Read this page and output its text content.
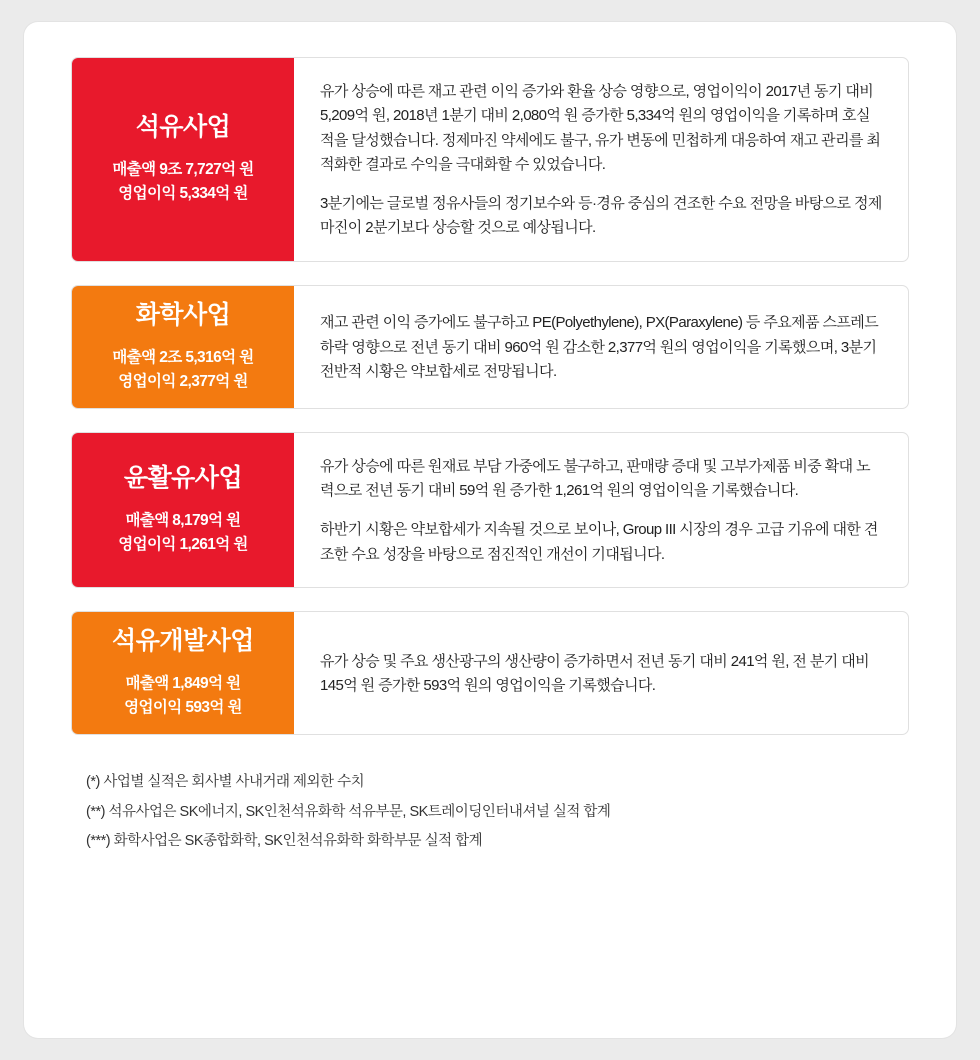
석유사업
매출액 9조 7,727억 원
영업이익 5,334억 원

유가 상승에 따른 재고 관련 이익 증가와 환율 상승 영향으로, 영업이익이 2017년 동기 대비 5,209억 원, 2018년 1분기 대비 2,080억 원 증가한 5,334억 원의 영업이익을 기록하며 호실적을 달성했습니다. 정제마진 약세에도 불구, 유가 변동에 민첩하게 대응하여 재고 관리를 최적화한 결과로 수익을 극대화할 수 있었습니다.

3분기에는 글로벌 정유사들의 정기보수와 등·경유 중심의 견조한 수요 전망을 바탕으로 정제마진이 2분기보다 상승할 것으로 예상됩니다.

화학사업
매출액 2조 5,316억 원
영업이익 2,377억 원

재고 관련 이익 증가에도 불구하고 PE(Polyethylene), PX(Paraxylene) 등 주요제품 스프레드 하락 영향으로 전년 동기 대비 960억 원 감소한 2,377억 원의 영업이익을 기록했으며, 3분기 전반적 시황은 약보합세로 전망됩니다.

윤활유사업
매출액 8,179억 원
영업이익 1,261억 원

유가 상승에 따른 원재료 부담 가중에도 불구하고, 판매량 증대 및 고부가제품 비중 확대 노력으로 전년 동기 대비 59억 원 증가한 1,261억 원의 영업이익을 기록했습니다.

하반기 시황은 약보합세가 지속될 것으로 보이나, Group III 시장의 경우 고급 기유에 대한 견조한 수요 성장을 바탕으로 점진적인 개선이 기대됩니다.

석유개발사업
매출액 1,849억 원
영업이익 593억 원

유가 상승 및 주요 생산광구의 생산량이 증가하면서 전년 동기 대비 241억 원, 전 분기 대비 145억 원 증가한 593억 원의 영업이익을 기록했습니다.

(*) 사업별 실적은 회사별 사내거래 제외한 수치

(**) 석유사업은 SK에너지, SK인천석유화학 석유부문, SK트레이딩인터내셔널 실적 합계

(***) 화학사업은 SK종합화학, SK인천석유화학 화학부문 실적 합계
